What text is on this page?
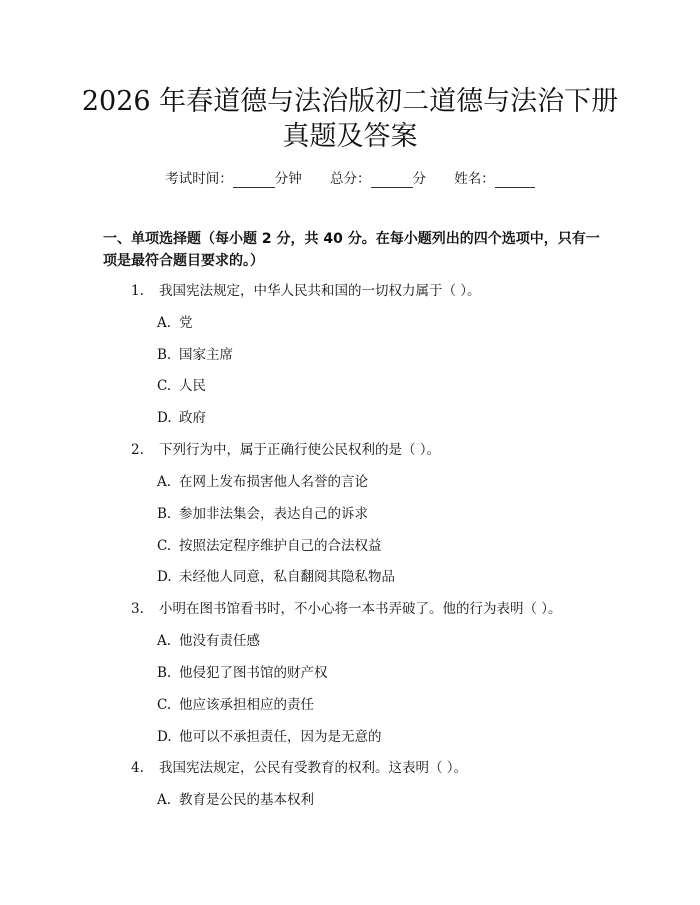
2026 年春道德与法治版初二道德与法治下册
真题及答案
考试时间：	分钟 总分：	分 姓名：
一、单项选择题（每小题 2 分，共 40 分。在每小题列出的四个选项中，只有一项是最符合题目要求的。）
1. 我国宪法规定，中华人民共和国的一切权力属于（ ）。
A. 党
B. 国家主席
C. 人民
D. 政府
2. 下列行为中，属于正确行使公民权利的是（ ）。
A. 在网上发布损害他人名誉的言论
B. 参加非法集会，表达自己的诉求
C. 按照法定程序维护自己的合法权益
D. 未经他人同意，私自翻阅其隐私物品
3. 小明在图书馆看书时，不小心将一本书弄破了。他的行为表明（ ）。
A. 他没有责任感
B. 他侵犯了图书馆的财产权
C. 他应该承担相应的责任
D. 他可以不承担责任，因为是无意的
4. 我国宪法规定，公民有受教育的权利。这表明（ ）。
A. 教育是公民的基本权利
